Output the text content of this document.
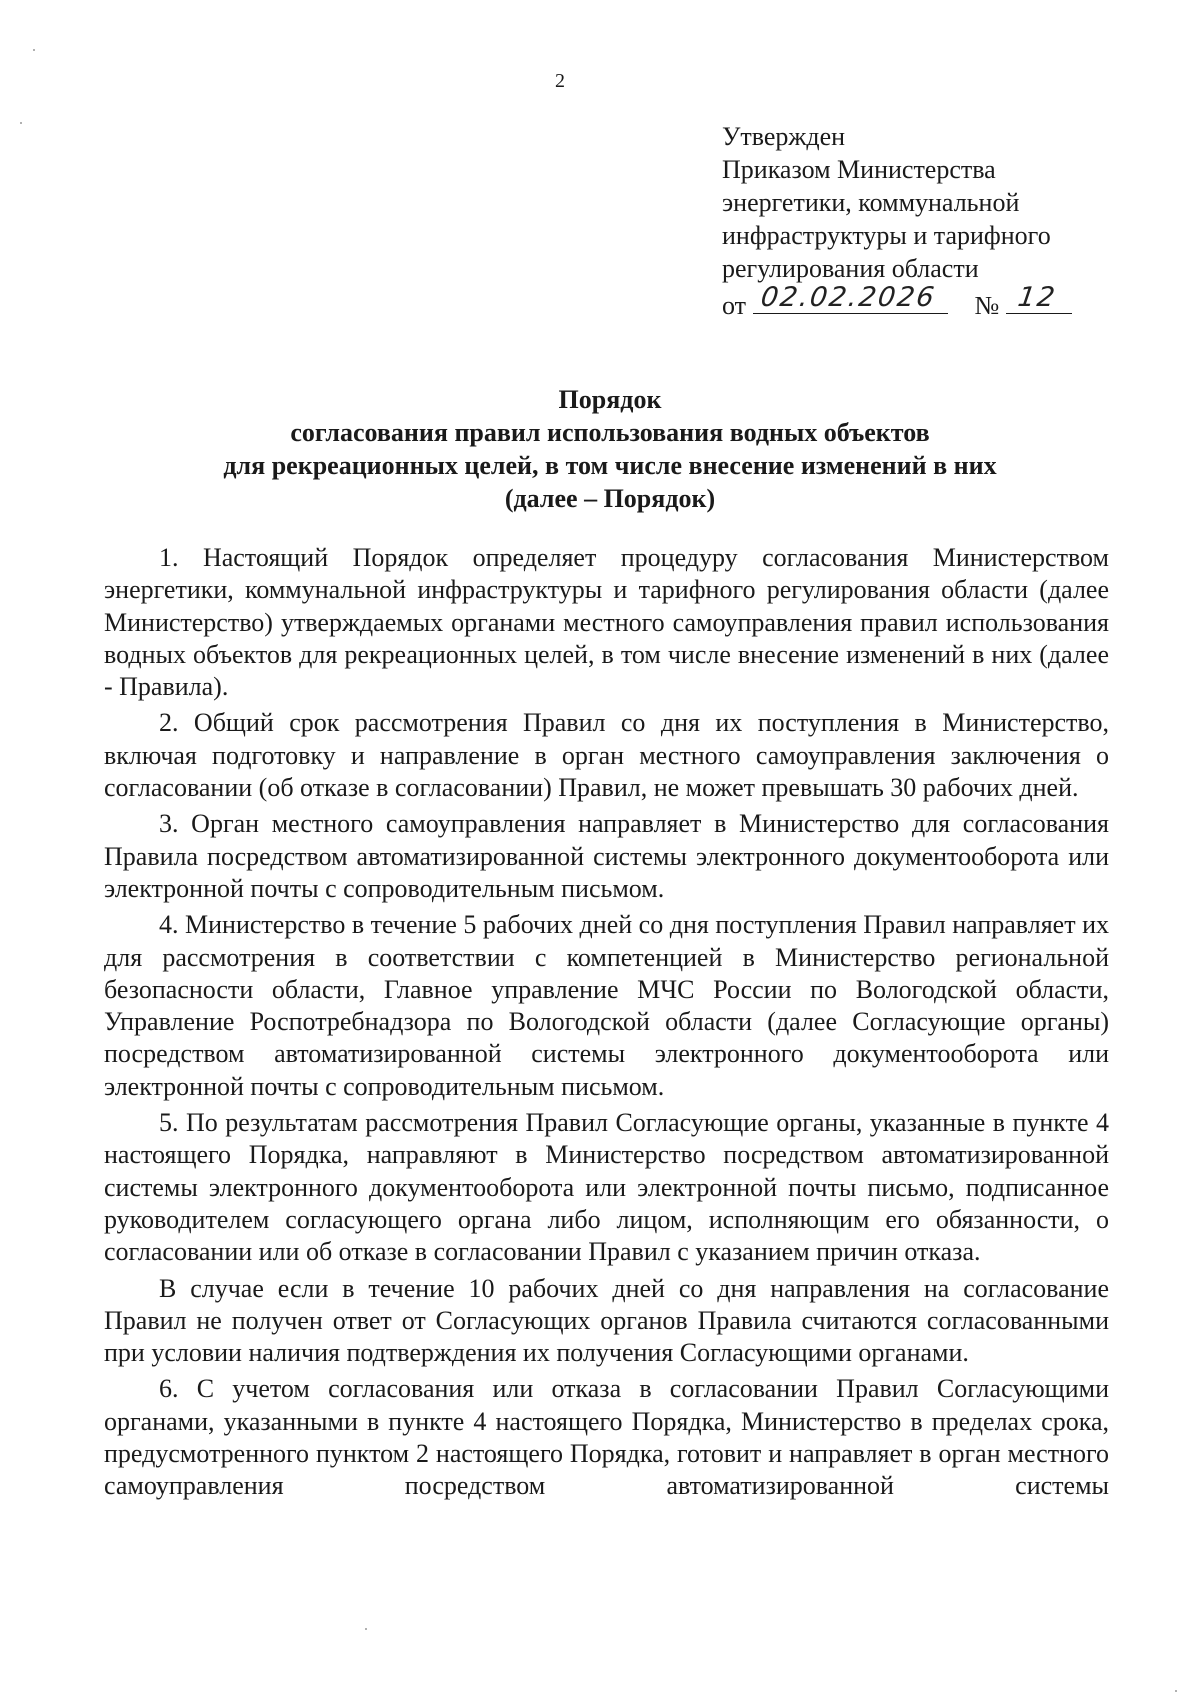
2
Утвержден
Приказом Министерства
энергетики, коммунальной
инфраструктуры и тарифного
регулирования области
от 02.02.2026 № 12
Порядок
согласования правил использования водных объектов
для рекреационных целей, в том числе внесение изменений в них
(далее – Порядок)

1. Настоящий Порядок определяет процедуру согласования Министерством энергетики, коммунальной инфраструктуры и тарифного регулирования области (далее Министерство) утверждаемых органами местного самоуправления правил использования водных объектов для рекреационных целей, в том числе внесение изменений в них (далее - Правила).

2. Общий срок рассмотрения Правил со дня их поступления в Министерство, включая подготовку и направление в орган местного самоуправления заключения о согласовании (об отказе в согласовании) Правил, не может превышать 30 рабочих дней.

3. Орган местного самоуправления направляет в Министерство для согласования Правила посредством автоматизированной системы электронного документооборота или электронной почты с сопроводительным письмом.

4. Министерство в течение 5 рабочих дней со дня поступления Правил направляет их для рассмотрения в соответствии с компетенцией в Министерство региональной безопасности области, Главное управление МЧС России по Вологодской области, Управление Роспотребнадзора по Вологодской области (далее Согласующие органы) посредством автоматизированной системы электронного документооборота или электронной почты с сопроводительным письмом.

5. По результатам рассмотрения Правил Согласующие органы, указанные в пункте 4 настоящего Порядка, направляют в Министерство посредством автоматизированной системы электронного документооборота или электронной почты письмо, подписанное руководителем согласующего органа либо лицом, исполняющим его обязанности, о согласовании или об отказе в согласовании Правил с указанием причин отказа.

В случае если в течение 10 рабочих дней со дня направления на согласование Правил не получен ответ от Согласующих органов Правила считаются согласованными при условии наличия подтверждения их получения Согласующими органами.

6. С учетом согласования или отказа в согласовании Правил Согласующими органами, указанными в пункте 4 настоящего Порядка, Министерство в пределах срока, предусмотренного пунктом 2 настоящего Порядка, готовит и направляет в орган местного самоуправления посредством автоматизированной системы
